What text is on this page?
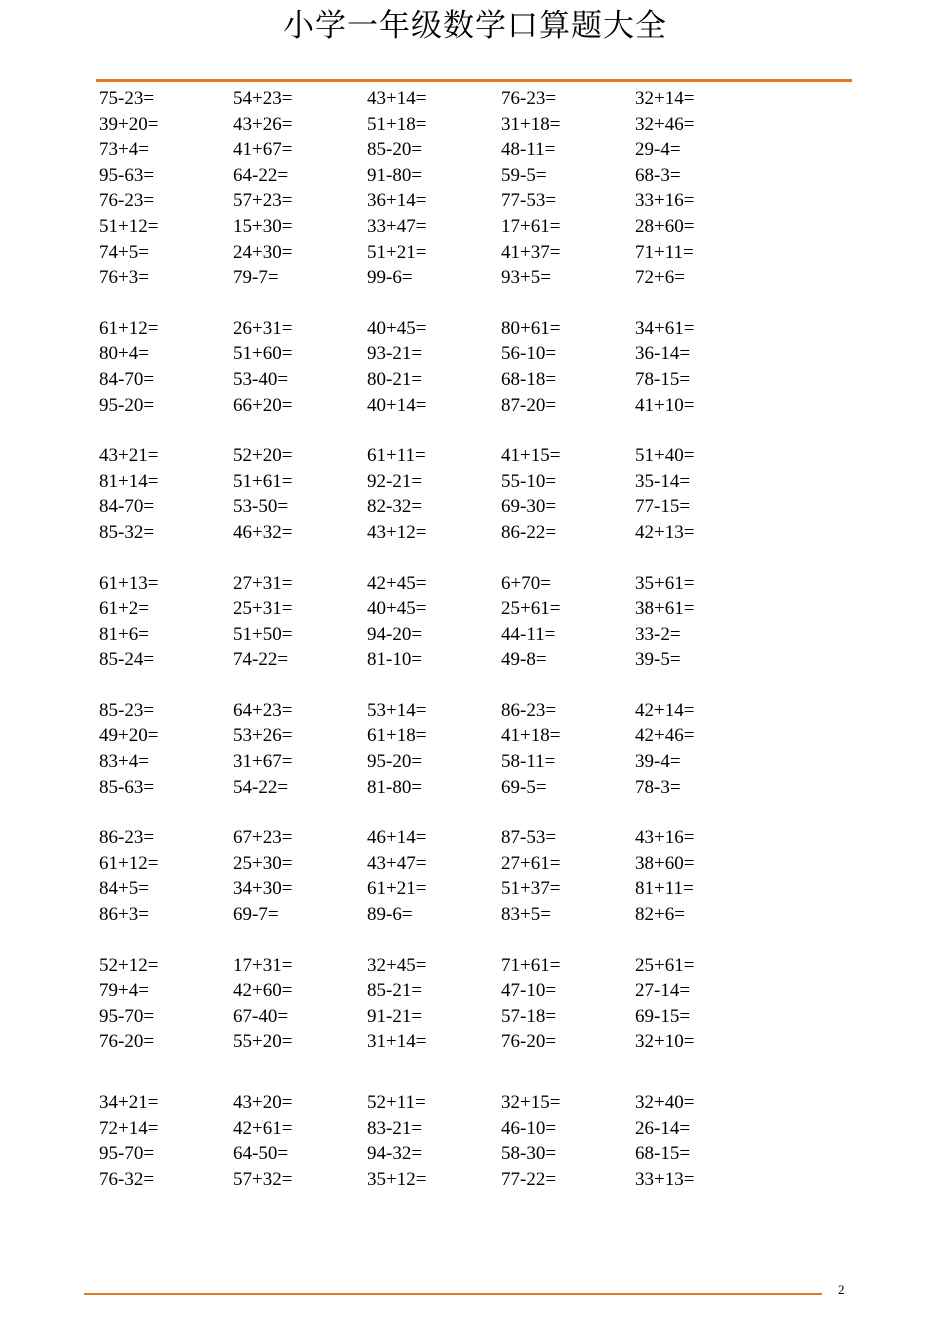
小学一年级数学口算题大全
75-23=	54+23=	43+14=	76-23=	32+14=
39+20=	43+26=	51+18=	31+18=	32+46=
73+4=	41+67=	85-20=	48-11=	29-4=
95-63=	64-22=	91-80=	59-5=	68-3=
76-23=	57+23=	36+14=	77-53=	33+16=
51+12=	15+30=	33+47=	17+61=	28+60=
74+5=	24+30=	51+21=	41+37=	71+11=
76+3=	79-7=	99-6=	93+5=	72+6=
61+12=	26+31=	40+45=	80+61=	34+61=
80+4=	51+60=	93-21=	56-10=	36-14=
84-70=	53-40=	80-21=	68-18=	78-15=
95-20=	66+20=	40+14=	87-20=	41+10=
43+21=	52+20=	61+11=	41+15=	51+40=
81+14=	51+61=	92-21=	55-10=	35-14=
84-70=	53-50=	82-32=	69-30=	77-15=
85-32=	46+32=	43+12=	86-22=	42+13=
61+13=	27+31=	42+45=	6+70=	35+61=
61+2=	25+31=	40+45=	25+61=	38+61=
81+6=	51+50=	94-20=	44-11=	33-2=
85-24=	74-22=	81-10=	49-8=	39-5=
85-23=	64+23=	53+14=	86-23=	42+14=
49+20=	53+26=	61+18=	41+18=	42+46=
83+4=	31+67=	95-20=	58-11=	39-4=
85-63=	54-22=	81-80=	69-5=	78-3=
86-23=	67+23=	46+14=	87-53=	43+16=
61+12=	25+30=	43+47=	27+61=	38+60=
84+5=	34+30=	61+21=	51+37=	81+11=
86+3=	69-7=	89-6=	83+5=	82+6=
52+12=	17+31=	32+45=	71+61=	25+61=
79+4=	42+60=	85-21=	47-10=	27-14=
95-70=	67-40=	91-21=	57-18=	69-15=
76-20=	55+20=	31+14=	76-20=	32+10=
34+21=	43+20=	52+11=	32+15=	32+40=
72+14=	42+61=	83-21=	46-10=	26-14=
95-70=	64-50=	94-32=	58-30=	68-15=
76-32=	57+32=	35+12=	77-22=	33+13=
2
